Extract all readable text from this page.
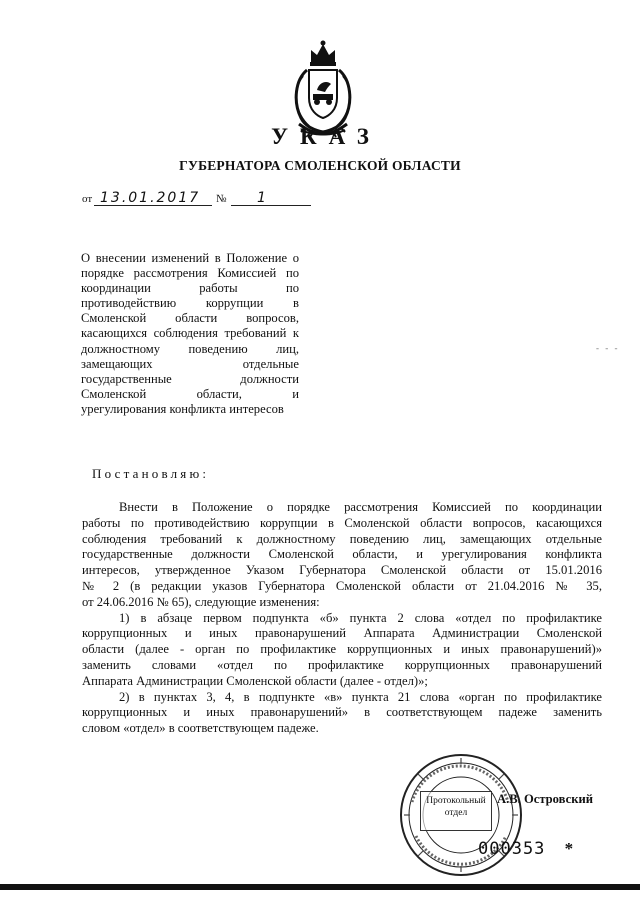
УКАЗ
ГУБЕРНАТОРА СМОЛЕНСКОЙ ОБЛАСТИ
от 13.01.2017 № 1
О внесении изменений в Положение о
порядке рассмотрения Комиссией по
координации работы по
противодействию коррупции в
Смоленской области вопросов,
касающихся соблюдения требований к
должностному поведению лиц,
замещающих отдельные
государственные должности
Смоленской области, и
урегулирования конфликта интересов
- - -
Постановляю:
Внести в Положение о порядке рассмотрения Комиссией по координации
работы по противодействию коррупции в Смоленской области вопросов, касающихся
соблюдения требований к должностному поведению лиц, замещающих отдельные
государственные должности Смоленской области, и урегулирования конфликта
интересов, утвержденное Указом Губернатора Смоленской области от 15.01.2016
№ 2 (в редакции указов Губернатора Смоленской области от 21.04.2016 № 35,
от 24.06.2016 № 65), следующие изменения:
1) в абзаце первом подпункта «б» пункта 2 слова «отдел по профилактике
коррупционных и иных правонарушений Аппарата Администрации Смоленской
области (далее - орган по профилактике коррупционных и иных правонарушений)»
заменить словами «отдел по профилактике коррупционных правонарушений
Аппарата Администрации Смоленской области (далее - отдел)»;
2) в пунктах 3, 4, в подпункте «в» пункта 21 слова «орган по профилактике
коррупционных и иных правонарушений» в соответствующем падеже заменить
словом «отдел» в соответствующем падеже.
Протокольный
отдел
А.В. Островский
000353 *
